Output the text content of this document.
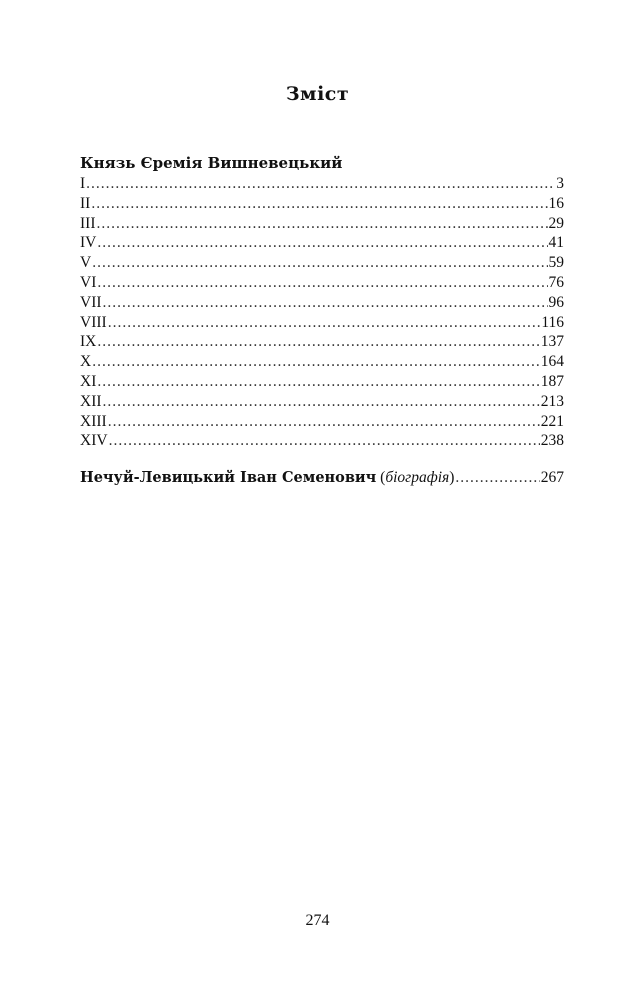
Зміст
Князь Єремія Вишневецький
I .....	3
II .....	16
III .....	29
IV .....	41
V .....	59
VI .....	76
VII .....	96
VIII .....	116
IX .....	137
X .....	164
XI .....	187
XII .....	213
XIII .....	221
XIV .....	238
Нечуй-Левицький Іван Семенович (біографія) .....	267
274
